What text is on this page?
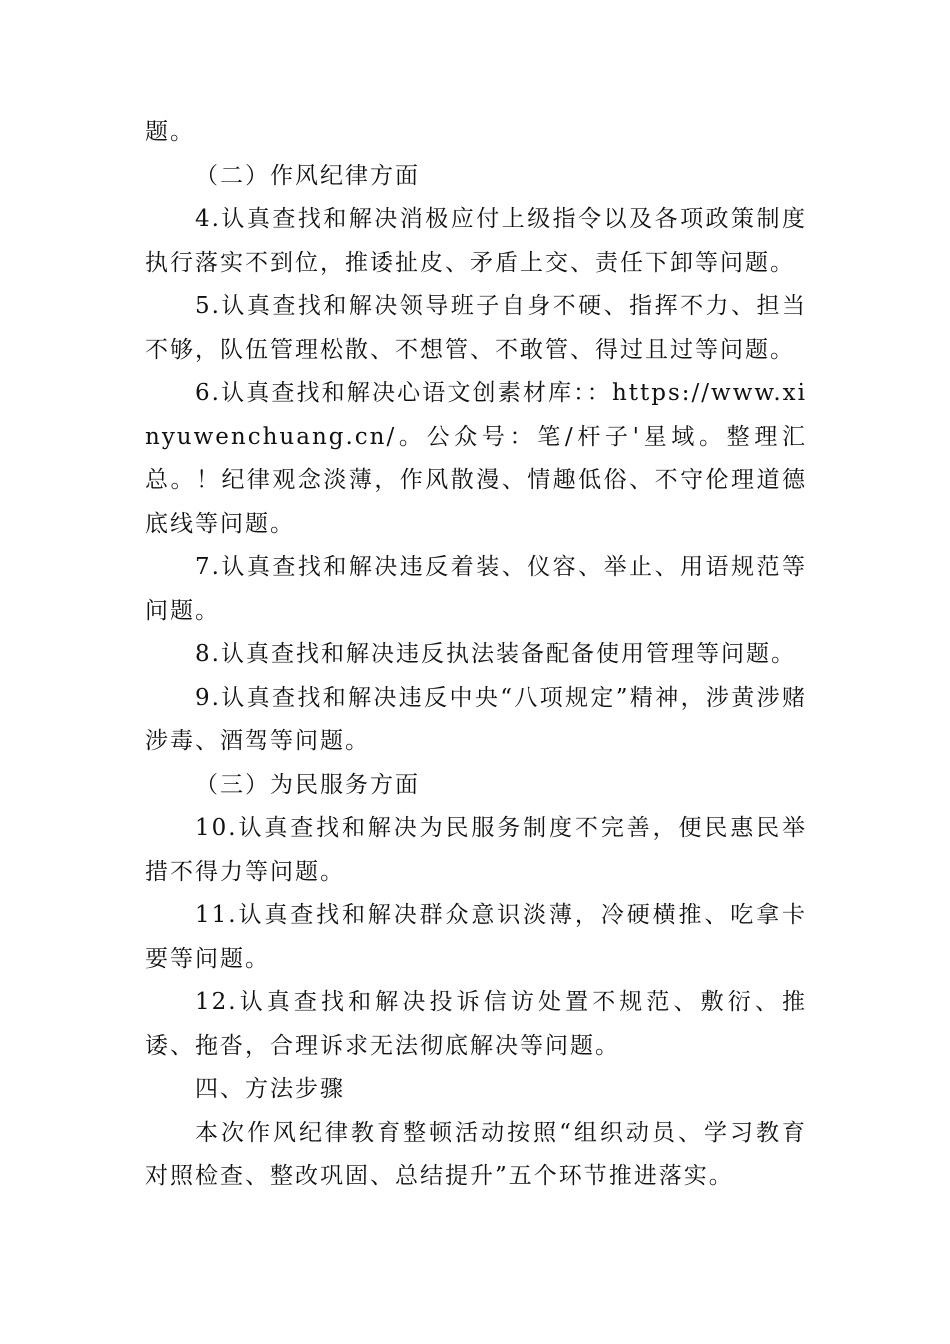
题。

（二）作风纪律方面

4.认真查找和解决消极应付上级指令以及各项政策制度执行落实不到位，推诿扯皮、矛盾上交、责任下卸等问题。

5.认真查找和解决领导班子自身不硬、指挥不力、担当不够，队伍管理松散、不想管、不敢管、得过且过等问题。

6.认真查找和解决心语文创素材库：：https://www.xinyuwenchuang.cn/。公众号：笔/杆子'星域。整理汇总。！纪律观念淡薄，作风散漫、情趣低俗、不守伦理道德底线等问题。

7.认真查找和解决违反着装、仪容、举止、用语规范等问题。

8.认真查找和解决违反执法装备配备使用管理等问题。

9.认真查找和解决违反中央“八项规定”精神，涉黄涉赌涉毒、酒驾等问题。

（三）为民服务方面

10.认真查找和解决为民服务制度不完善，便民惠民举措不得力等问题。

11.认真查找和解决群众意识淡薄，冷硬横推、吃拿卡要等问题。

12.认真查找和解决投诉信访处置不规范、敷衍、推诿、拖沓，合理诉求无法彻底解决等问题。

四、方法步骤

本次作风纪律教育整顿活动按照“组织动员、学习教育对照检查、整改巩固、总结提升”五个环节推进落实。
